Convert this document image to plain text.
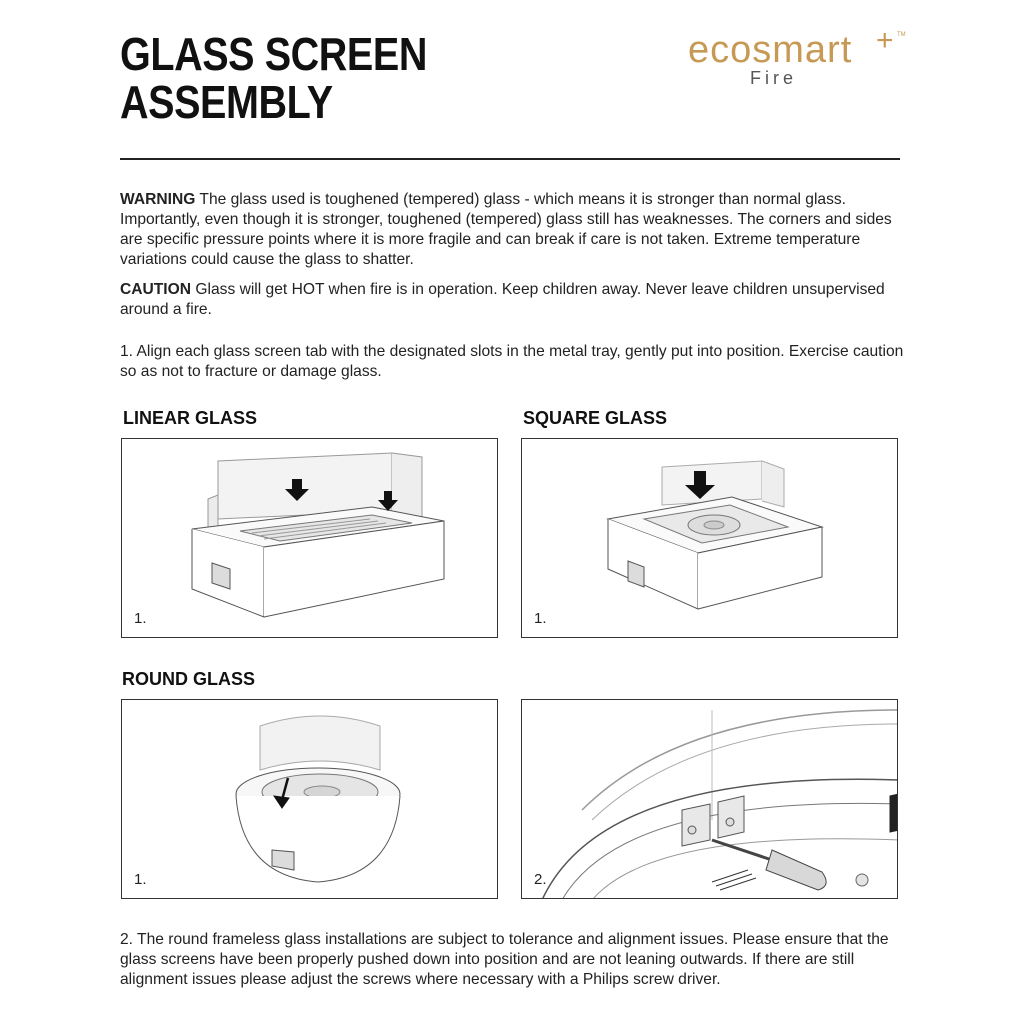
GLASS SCREEN
ASSEMBLY
ecosmart + TM
Fire

WARNING The glass used is toughened (tempered) glass - which means it is stronger than normal glass. Importantly, even though it is stronger, toughened (tempered) glass still has weaknesses. The corners and sides are specific pressure points where it is more fragile and can break if care is not taken. Extreme temperature variations could cause the glass to shatter.

CAUTION Glass will get HOT when fire is in operation. Keep children away. Never leave children unsupervised around a fire.

1. Align each glass screen tab with the designated slots in the metal tray, gently put into position. Exercise caution so as not to fracture or damage glass.

LINEAR GLASS	SQUARE GLASS
ROUND GLASS
1.	1.
1.	2.

2. The round frameless glass installations are subject to tolerance and alignment issues. Please ensure that the glass screens have been properly pushed down into position and are not leaning outwards. If there are still alignment issues please adjust the screws where necessary with a Philips screw driver.
